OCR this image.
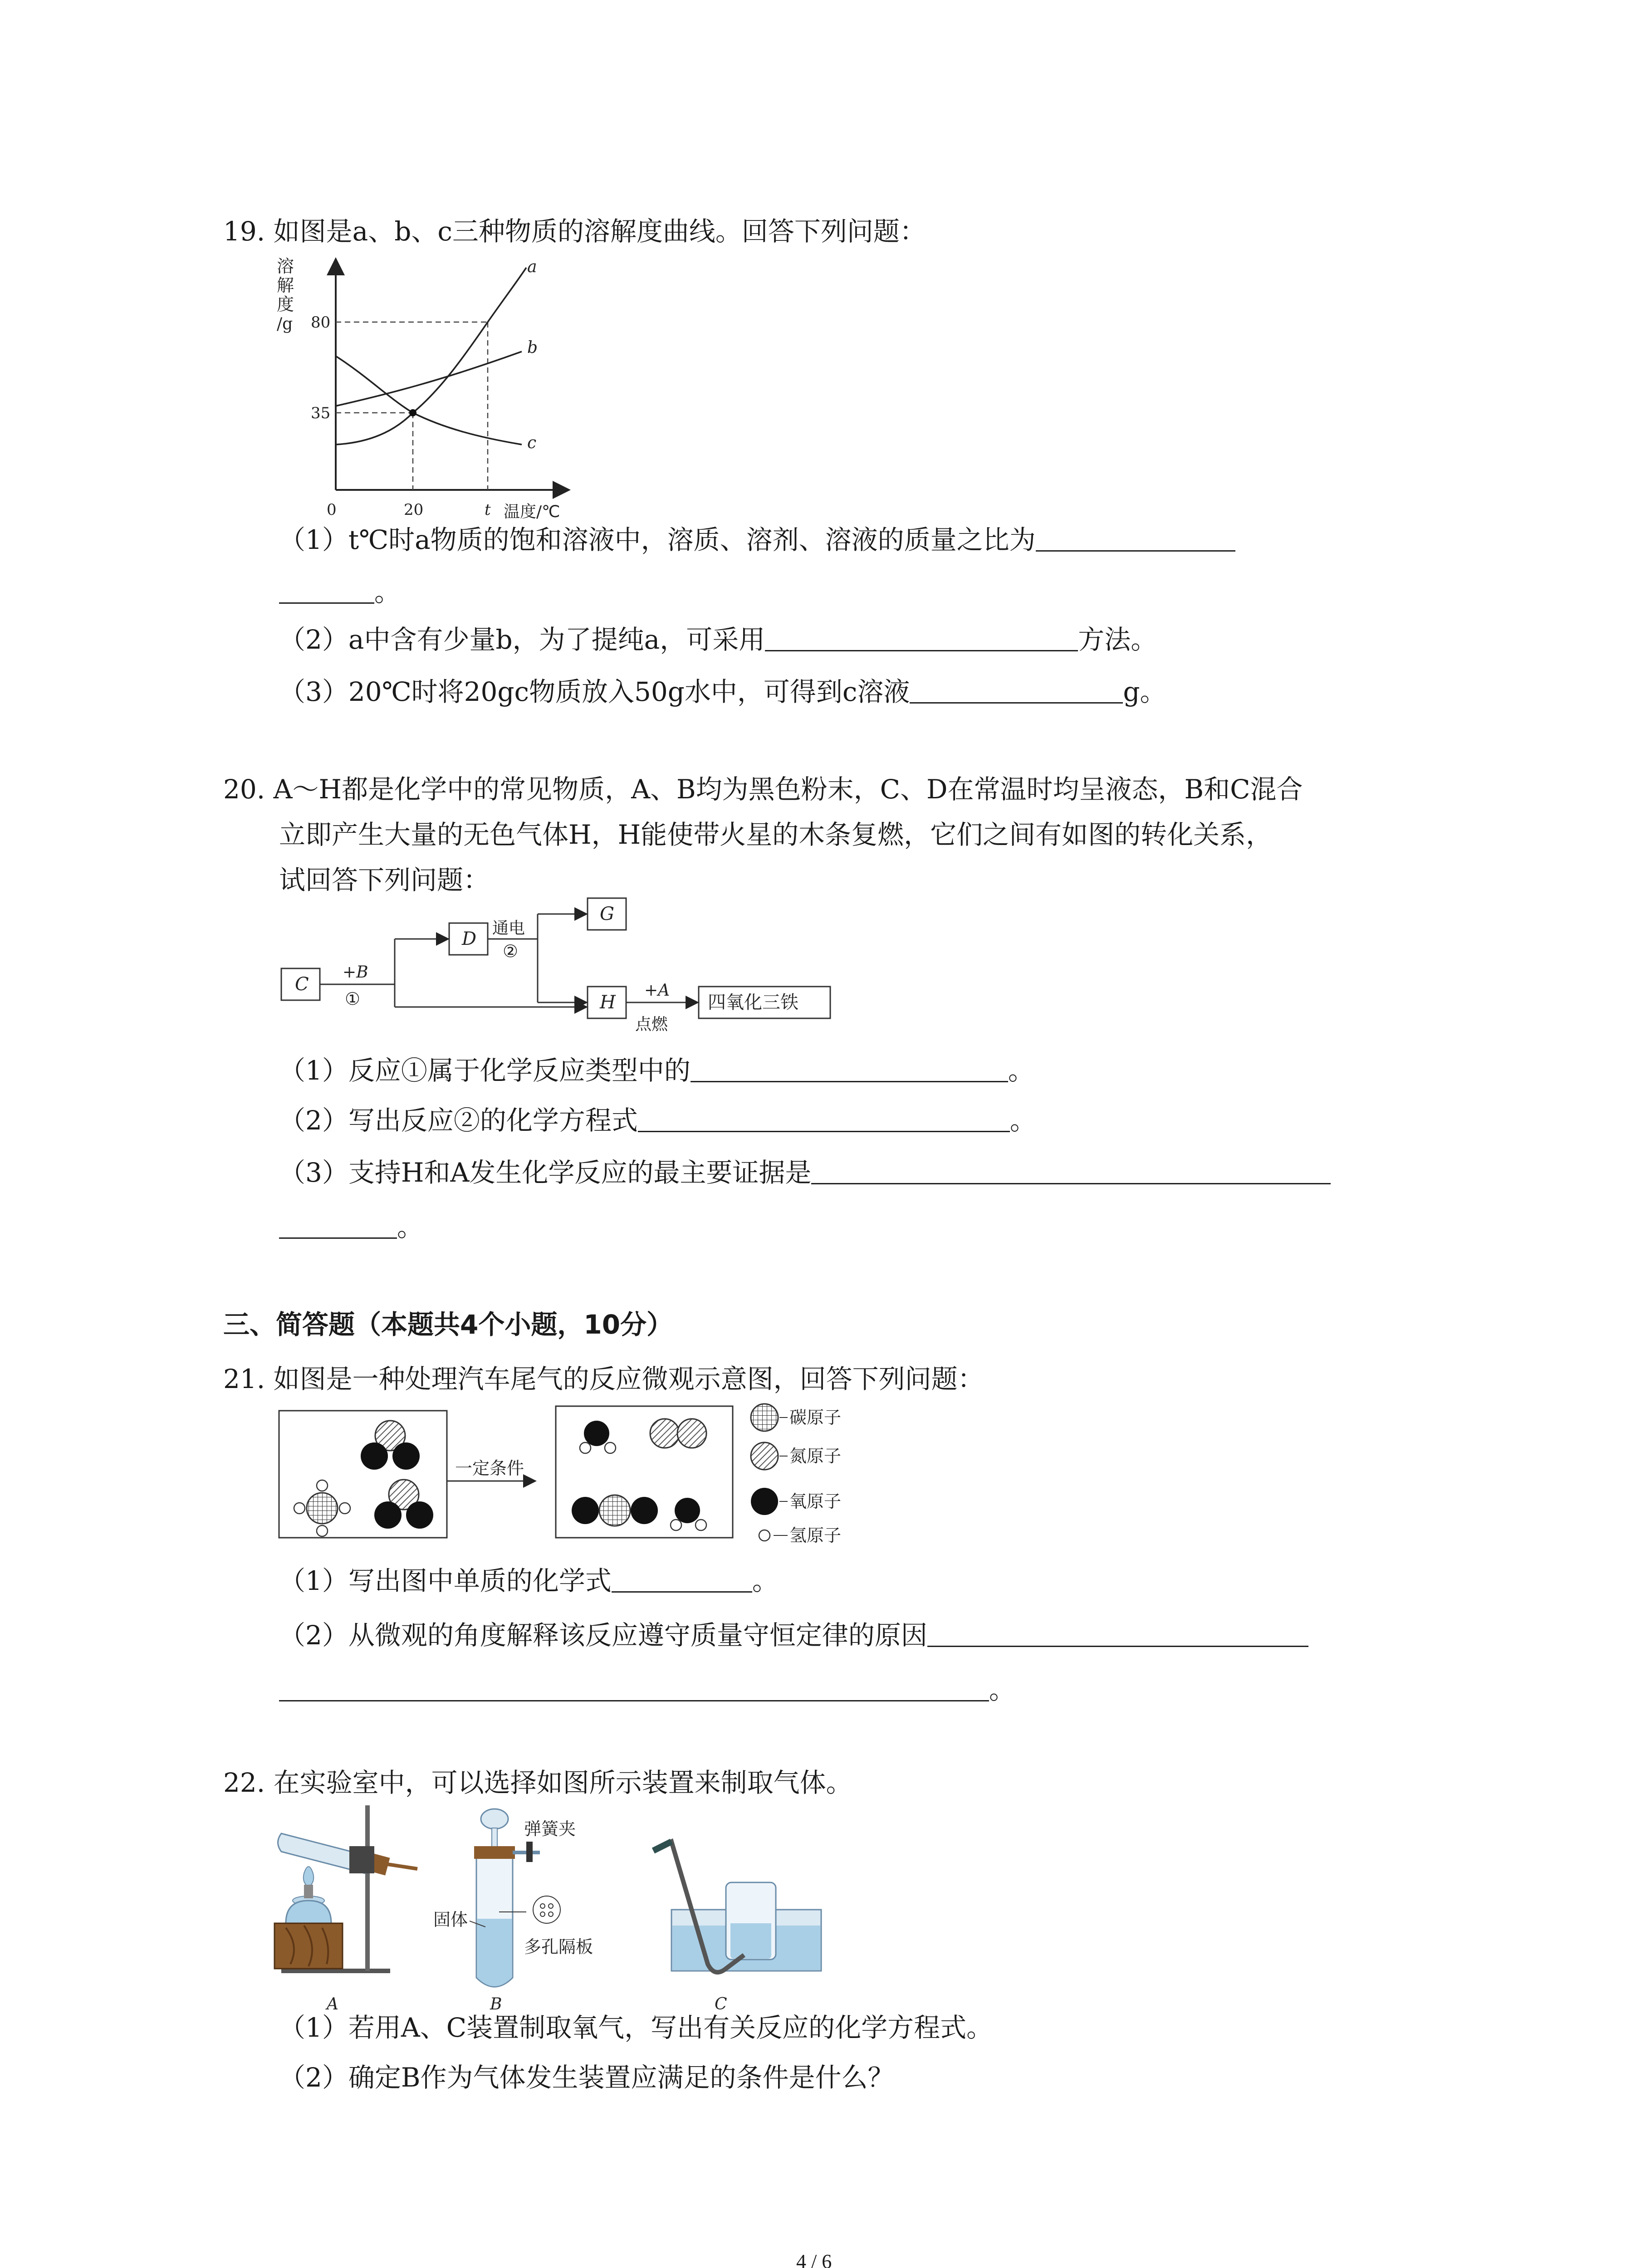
19. 如图是a、b、c三种物质的溶解度曲线。回答下列问题：
溶
解
度
/g 80
35
0	20	t 温度/℃
a
b
c
（1）t℃时a物质的饱和溶液中，溶质、溶剂、溶液的质量之比为
。
（2）a中含有少量b，为了提纯a，可采用	方法。
（3）20℃时将20gc物质放入50g水中，可得到c溶液	g。
20. A～H都是化学中的常见物质，A、B均为黑色粉末，C、D在常温时均呈液态，B和C混合
立即产生大量的无色气体H，H能使带火星的木条复燃，它们之间有如图的转化关系，
试回答下列问题：
C
D
G
H	四氧化三铁
+B
①
通电
②
+A
点燃
（1）反应①属于化学反应类型中的	。
（2）写出反应②的化学方程式	。
（3）支持H和A发生化学反应的最主要证据是
。
三、简答题（本题共4个小题，10分）
21. 如图是一种处理汽车尾气的反应微观示意图，回答下列问题：
一定条件
碳原子
氮原子
氧原子
氢原子
（1）写出图中单质的化学式	。
（2）从微观的角度解释该反应遵守质量守恒定律的原因
。
22. 在实验室中，可以选择如图所示装置来制取气体。
A
弹簧夹
固体
多孔隔板
B	C
（1）若用A、C装置制取氧气，写出有关反应的化学方程式。
（2）确定B作为气体发生装置应满足的条件是什么？
4 / 6
